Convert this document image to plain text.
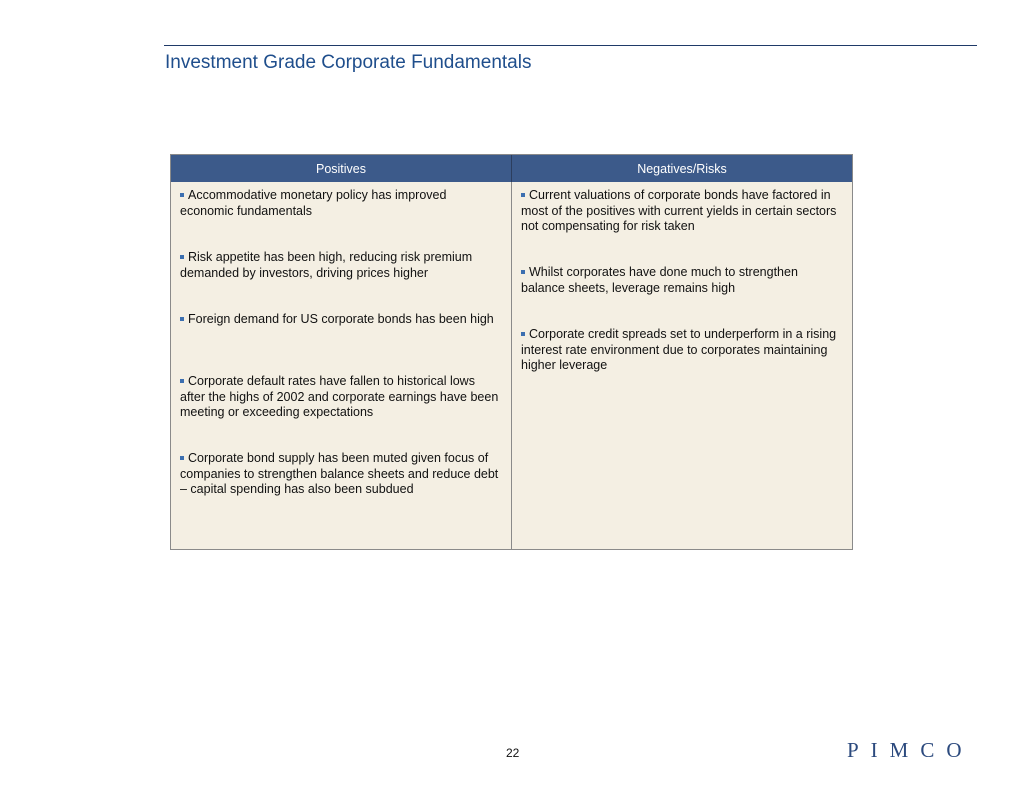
Investment Grade Corporate Fundamentals
Positives	Negatives/Risks
Accommodative monetary policy has improved economic fundamentals
Risk appetite has been high, reducing risk premium demanded by investors, driving prices higher
Foreign demand for US corporate bonds has been high
Corporate default rates have fallen to historical lows after the highs of 2002 and corporate earnings have been meeting or exceeding expectations
Corporate bond supply has been muted given focus of companies to strengthen balance sheets and reduce debt – capital spending has also been subdued
Current valuations of corporate bonds have factored in most of the positives with current yields in certain sectors not compensating for risk taken
Whilst corporates have done much to strengthen balance sheets, leverage remains high
Corporate credit spreads set to underperform in a rising interest rate environment due to corporates maintaining higher leverage
22	PIMCO
